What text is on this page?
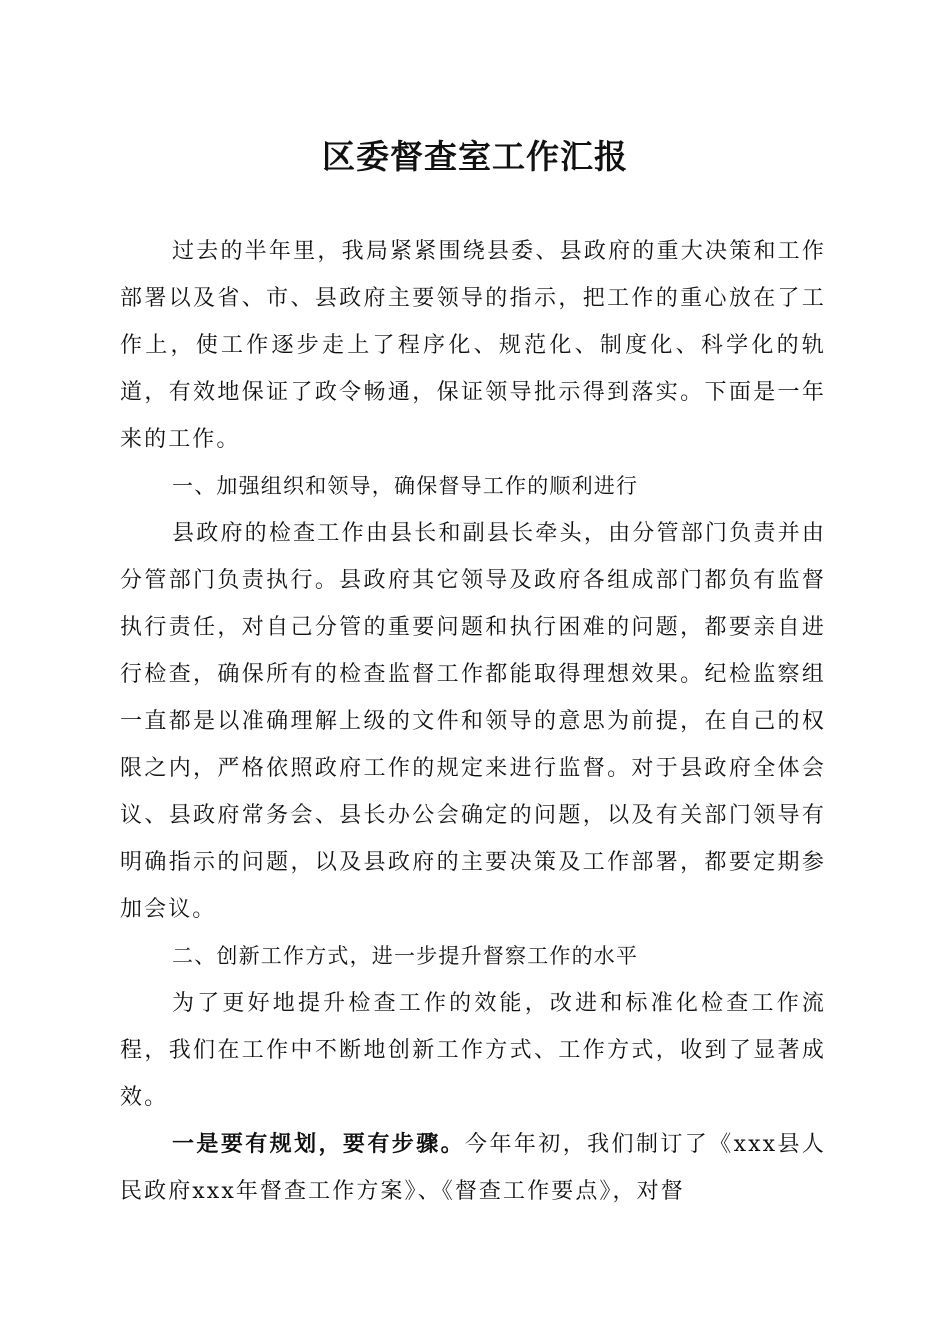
区委督查室工作汇报

过去的半年里，我局紧紧围绕县委、县政府的重大决策和工作部署以及省、市、县政府主要领导的指示，把工作的重心放在了工作上，使工作逐步走上了程序化、规范化、制度化、科学化的轨道，有效地保证了政令畅通，保证领导批示得到落实。下面是一年来的工作。

一、加强组织和领导，确保督导工作的顺利进行

县政府的检查工作由县长和副县长牵头，由分管部门负责并由分管部门负责执行。县政府其它领导及政府各组成部门都负有监督执行责任，对自己分管的重要问题和执行困难的问题，都要亲自进行检查，确保所有的检查监督工作都能取得理想效果。纪检监察组一直都是以准确理解上级的文件和领导的意思为前提，在自己的权限之内，严格依照政府工作的规定来进行监督。对于县政府全体会议、县政府常务会、县长办公会确定的问题，以及有关部门领导有明确指示的问题，以及县政府的主要决策及工作部署，都要定期参加会议。

二、创新工作方式，进一步提升督察工作的水平

为了更好地提升检查工作的效能，改进和标准化检查工作流程，我们在工作中不断地创新工作方式、工作方式，收到了显著成效。

一是要有规划，要有步骤。今年年初，我们制订了《xxx县人民政府xxx年督查工作方案》、《督查工作要点》，对督
